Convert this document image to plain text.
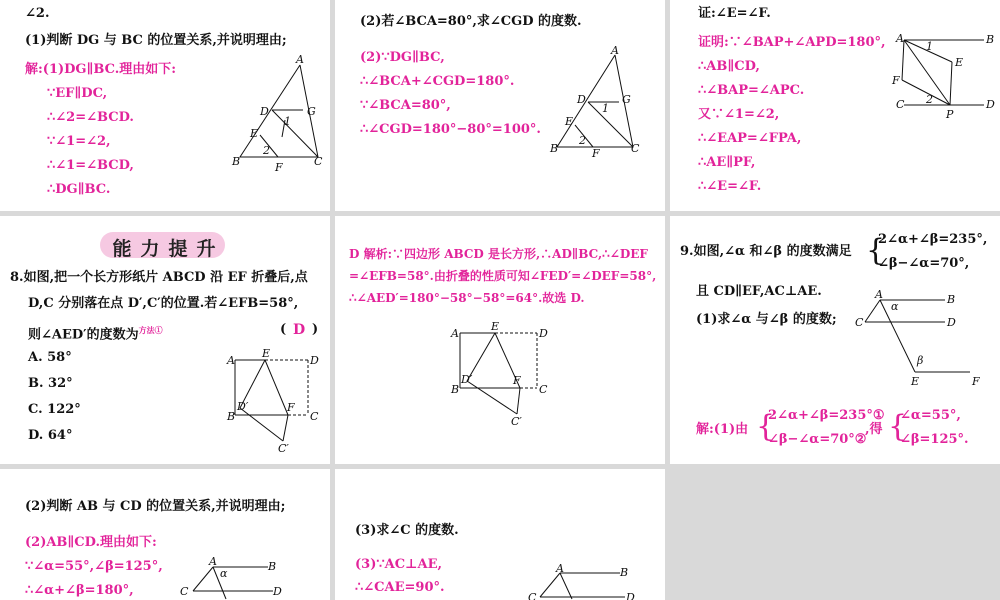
∠2.
(1)判断 DG 与 BC 的位置关系,并说明理由;
解:(1)DG∥BC.理由如下:
∵EF∥DC,
∴∠2=∠BCD.
∵∠1=∠2,
∴∠1=∠BCD,
∴DG∥BC.
A
D	G
E
B	F	C
1
2
(2)若∠BCA=80°,求∠CGD 的度数.
(2)∵DG∥BC,
∴∠BCA+∠CGD=180°.
∵∠BCA=80°,
∴∠CGD=180°−80°=100°.
A
D	G
E
B	F	C
1
2
证:∠E=∠F.
证明:∵∠BAP+∠APD=180°,
∴AB∥CD,
∴∠BAP=∠APC.
又∵∠1=∠2,
∴∠EAP=∠FPA,
∴AE∥PF,
∴∠E=∠F.
A	B
E
F
C
P
D
1
2
能 力 提 升
8.如图,把一个长方形纸片 ABCD 沿 EF 折叠后,点
D,C 分别落在点 D′,C′的位置.若∠EFB=58°,
则∠AED′的度数为$^{方法①}$	( D )
A. 58°
B. 32°
C. 122°
D. 64°
A
E
D
D′
B
F
C
C′
D 解析:∵四边形 ABCD 是长方形,∴AD∥BC,∴∠DEF
=∠EFB=58°.由折叠的性质可知∠FED′=∠DEF=58°,
∴∠AED′=180°−58°−58°=64°.故选 D.
A
E
D
D′
B
F
C
C′
9.如图,∠α 和∠β 的度数满足 {
2∠α+∠β=235°,
∠β−∠α=70°,
且 CD∥EF,AC⊥AE.
(1)求∠α 与∠β 的度数;
A	B
C	D
E	F
α
β
解:(1)由 {
2∠α+∠β=235°①
∠β−∠α=70°②
,得 {
∠α=55°,
∠β=125°.
(2)判断 AB 与 CD 的位置关系,并说明理由;
(2)AB∥CD.理由如下:
∵∠α=55°,∠β=125°,
∴∠α+∠β=180°,
A	B
C	D
α
(3)求∠C 的度数.
(3)∵AC⊥AE,
∴∠CAE=90°.
A	B
C	D
